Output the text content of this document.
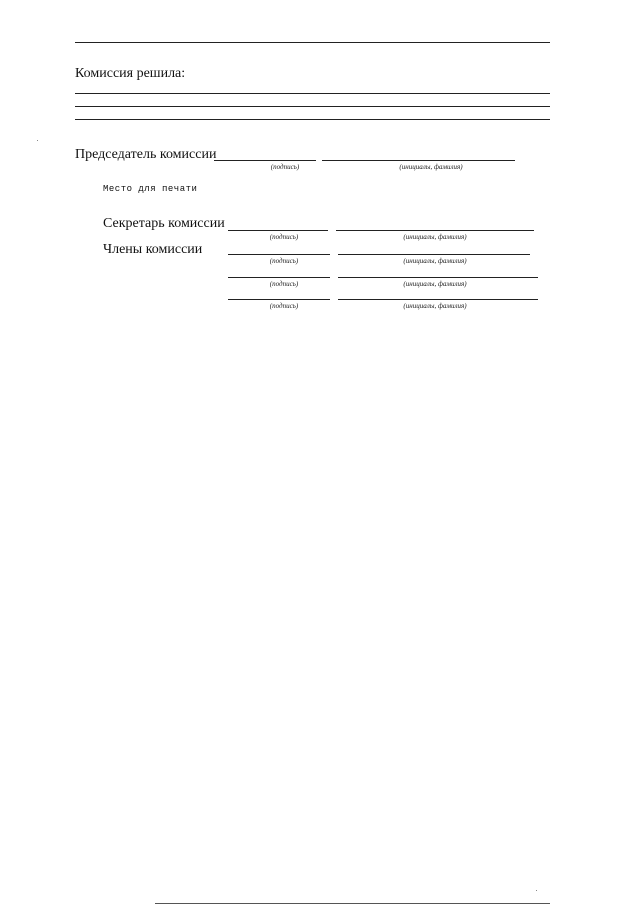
Комиссия решила:
Председатель комиссии
(подпись)	(инициалы, фамилия)
Место для печати
Секретарь комиссии
(подпись)	(инициалы, фамилия)
Члены комиссии
(подпись)	(инициалы, фамилия)
(подпись)	(инициалы, фамилия)
(подпись)	(инициалы, фамилия)
